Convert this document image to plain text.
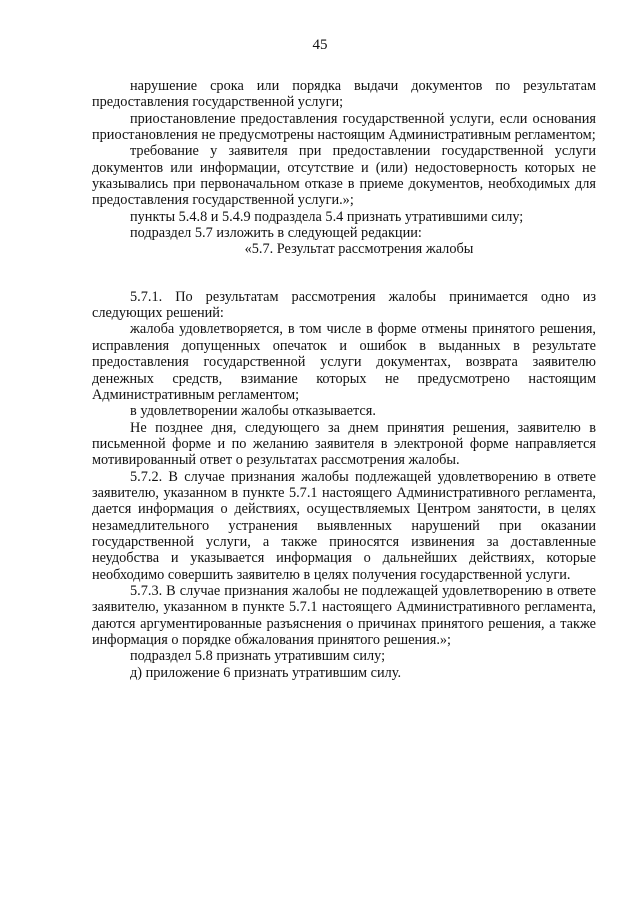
45

нарушение срока или порядка выдачи документов по результатам предоставления государственной услуги;

приостановление предоставления государственной услуги, если основания приостановления не предусмотрены настоящим Административным регламентом;

требование у заявителя при предоставлении государственной услуги документов или информации, отсутствие и (или) недостоверность которых не указывались при первоначальном отказе в приеме документов, необходимых для предоставления государственной услуги.»;

пункты 5.4.8 и 5.4.9 подраздела 5.4 признать утратившими силу;

подраздел 5.7 изложить в следующей редакции:

«5.7. Результат рассмотрения жалобы

5.7.1. По результатам рассмотрения жалобы принимается одно из следующих решений:

жалоба удовлетворяется, в том числе в форме отмены принятого решения, исправления допущенных опечаток и ошибок в выданных в результате предоставления государственной услуги документах, возврата заявителю денежных средств, взимание которых не предусмотрено настоящим Административным регламентом;

в удовлетворении жалобы отказывается.

Не позднее дня, следующего за днем принятия решения, заявителю в письменной форме и по желанию заявителя в электроной форме направляется мотивированный ответ о результатах рассмотрения жалобы.

5.7.2. В случае признания жалобы подлежащей удовлетворению в ответе заявителю, указанном в пункте 5.7.1 настоящего Административного регламента, дается информация о действиях, осуществляемых Центром занятости, в целях незамедлительного устранения выявленных нарушений при оказании государственной услуги, а также приносятся извинения за доставленные неудобства и указывается информация о дальнейших действиях, которые необходимо совершить заявителю в целях получения государственной услуги.

5.7.3. В случае признания жалобы не подлежащей удовлетворению в ответе заявителю, указанном в пункте 5.7.1 настоящего Административного регламента, даются аргументированные разъяснения о причинах принятого решения, а также информация о порядке обжалования принятого решения.»;

подраздел 5.8 признать утратившим силу;

д) приложение 6 признать утратившим силу.
